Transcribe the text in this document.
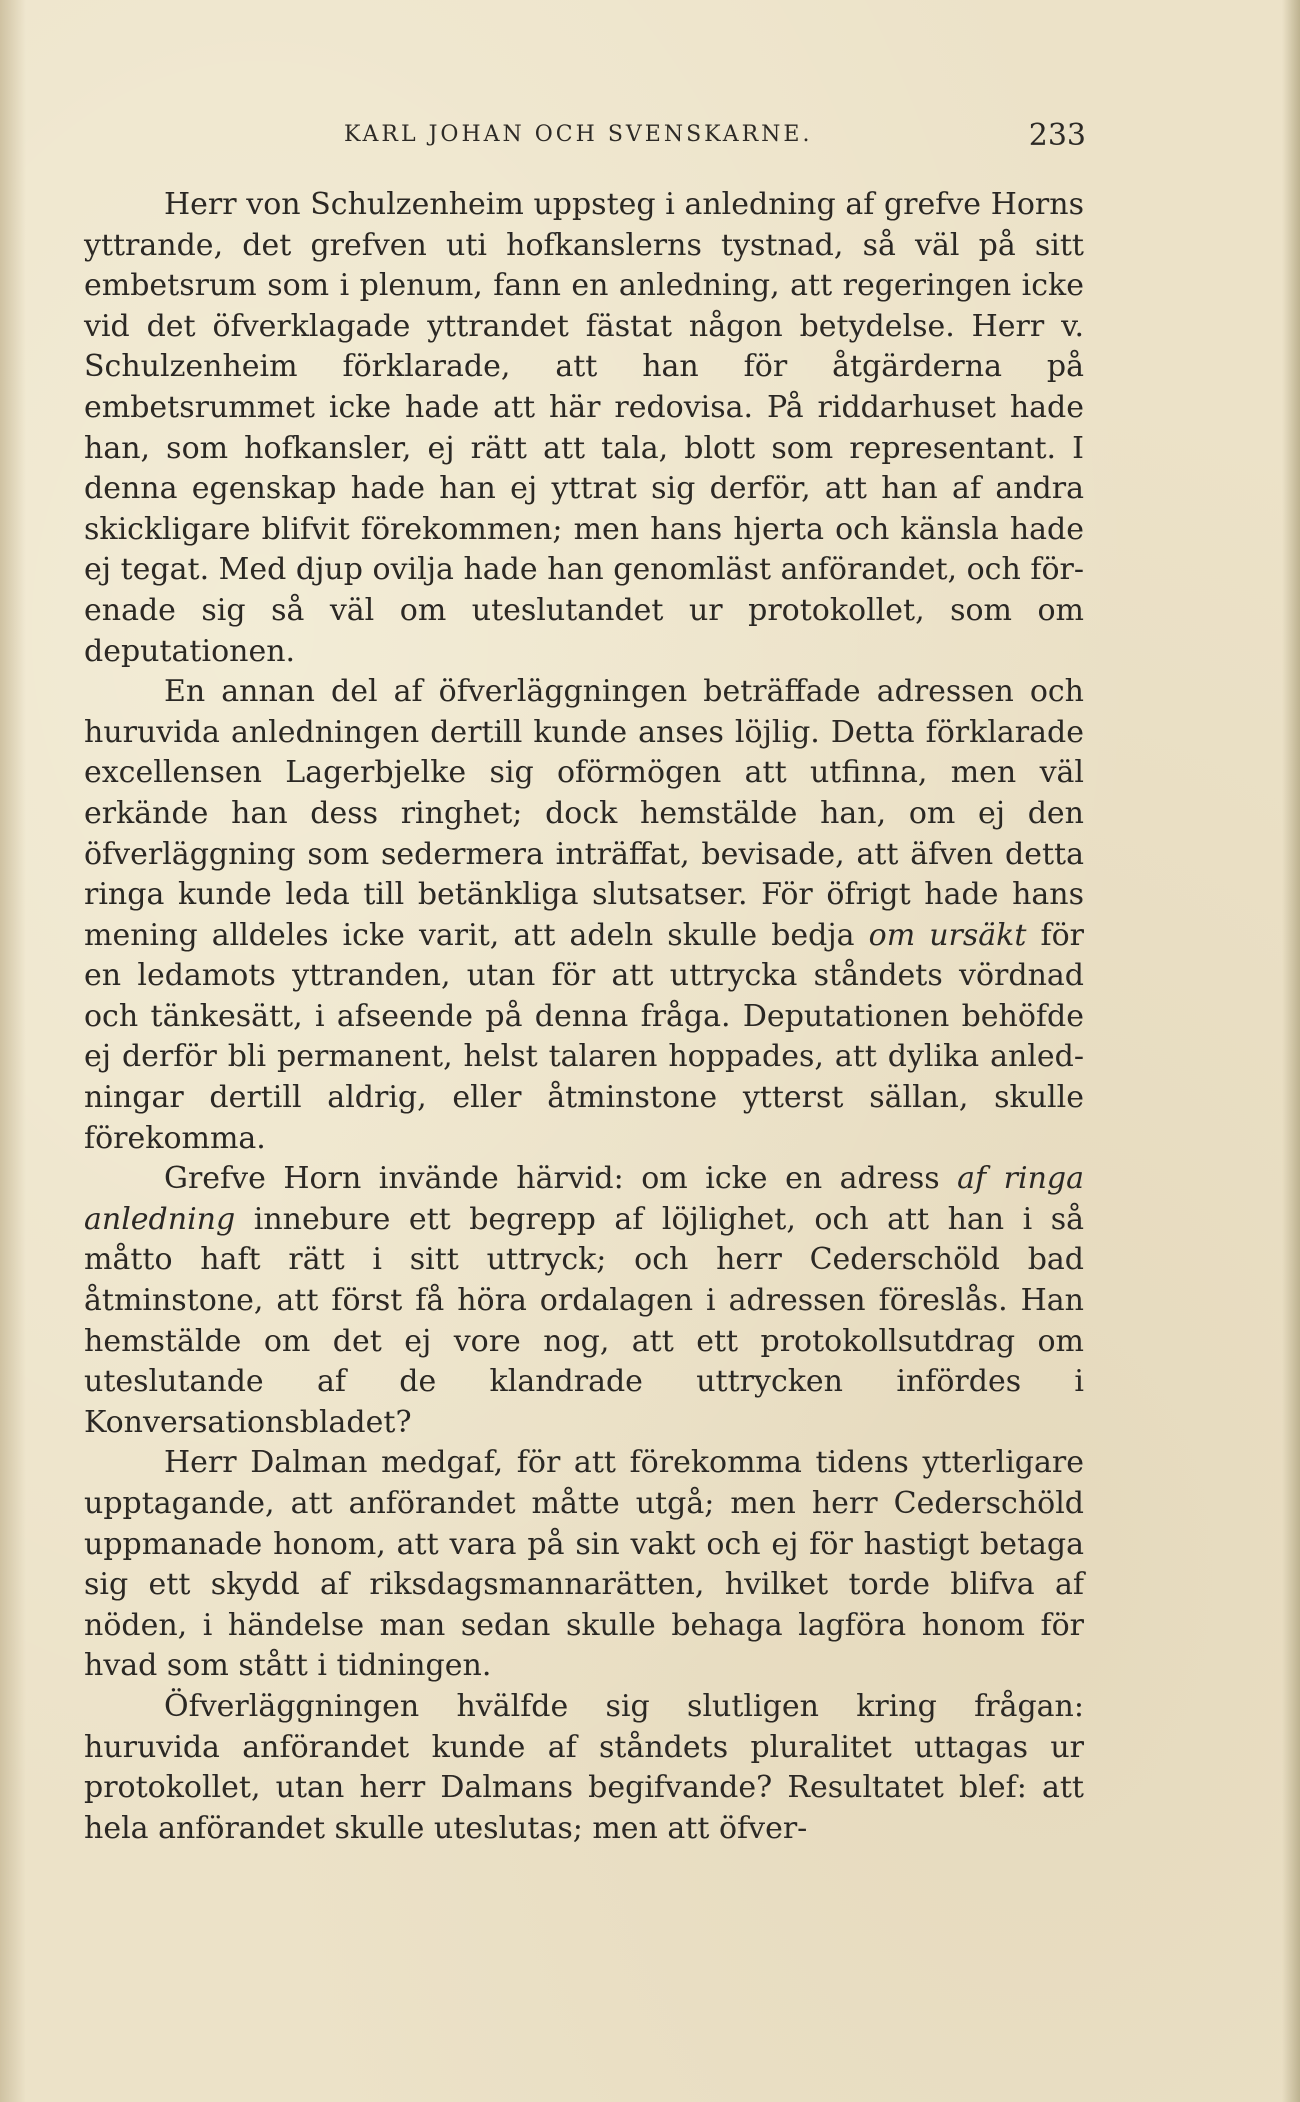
KARL JOHAN OCH SVENSKARNE.	233

Herr von Schulzenheim uppsteg i anledning af grefve Horns yttrande, det grefven uti hofkanslerns tystnad, så väl på sitt embetsrum som i plenum, fann en anledning, att regeringen icke vid det öfverklagade yttrandet fästat någon betydelse. Herr v. Schulzenheim förklarade, att han för åtgärderna på embetsrummet icke hade att här redovisa. På riddarhuset hade han, som hofkansler, ej rätt att tala, blott som representant. I denna egenskap hade han ej yttrat sig derför, att han af andra skickligare blifvit förekommen; men hans hjerta och känsla hade ej tegat. Med djup ovilja hade han genomläst anförandet, och förenade sig så väl om uteslutandet ur protokollet, som om deputationen.

En annan del af öfverläggningen beträffade adressen och huruvida anledningen dertill kunde anses löjlig. Detta förklarade excellensen Lagerbjelke sig oförmögen att utfinna, men väl erkände han dess ringhet; dock hemstälde han, om ej den öfverläggning som sedermera inträffat, bevisade, att äfven detta ringa kunde leda till betänkliga slutsatser. För öfrigt hade hans mening alldeles icke varit, att adeln skulle bedja om ursäkt för en ledamots yttranden, utan för att uttrycka ståndets vördnad och tänkesätt, i afseende på denna fråga. Deputationen behöfde ej derför bli permanent, helst talaren hoppades, att dylika anledningar dertill aldrig, eller åtminstone ytterst sällan, skulle förekomma.

Grefve Horn invände härvid: om icke en adress af ringa anledning innebure ett begrepp af löjlighet, och att han i så måtto haft rätt i sitt uttryck; och herr Cederschöld bad åtminstone, att först få höra ordalagen i adressen föreslås. Han hemstälde om det ej vore nog, att ett protokollsutdrag om uteslutande af de klandrade uttrycken infördes i Konversationsbladet?

Herr Dalman medgaf, för att förekomma tidens ytterligare upptagande, att anförandet måtte utgå; men herr Cederschöld uppmanade honom, att vara på sin vakt och ej för hastigt betaga sig ett skydd af riksdagsmannarätten, hvilket torde blifva af nöden, i händelse man sedan skulle behaga lagföra honom för hvad som stått i tidningen.

Öfverläggningen hvälfde sig slutligen kring frågan: huruvida anförandet kunde af ståndets pluralitet uttagas ur protokollet, utan herr Dalmans begifvande? Resultatet blef: att hela anförandet skulle uteslutas; men att öfver-
